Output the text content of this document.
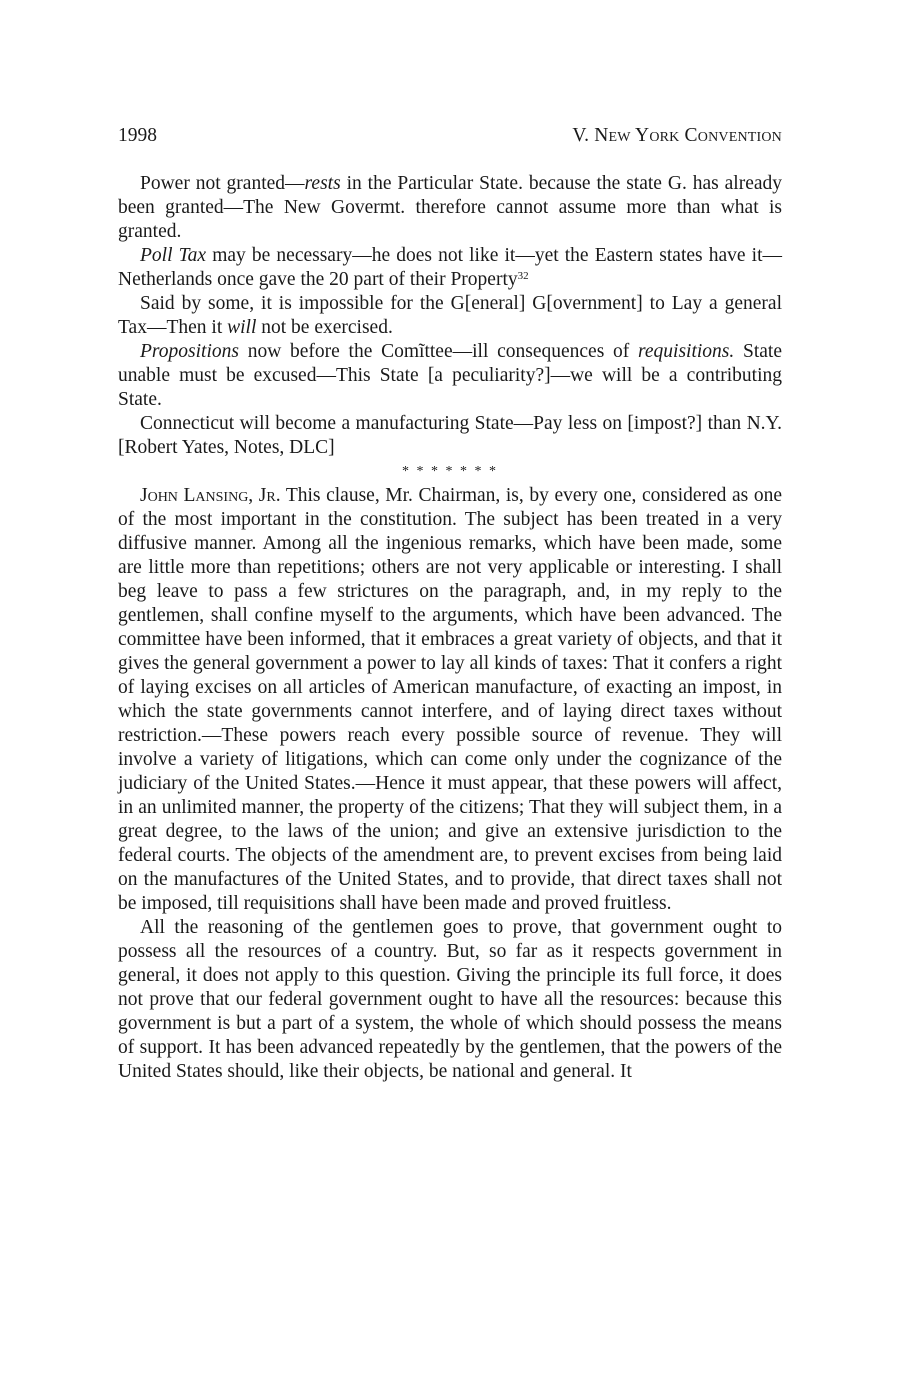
1998	V. New York Convention

Power not granted—rests in the Particular State. because the state G. has already been granted—The New Govermt. therefore cannot assume more than what is granted.

Poll Tax may be necessary—he does not like it—yet the Eastern states have it—Netherlands once gave the 20 part of their Property$^{32}$

Said by some, it is impossible for the G[eneral] G[overnment] to Lay a general Tax—Then it will not be exercised.

Propositions now before the Comĩttee—ill consequences of requisitions. State unable must be excused—This State [a peculiarity?]—we will be a contributing State.

Connecticut will become a manufacturing State—Pay less on [impost?] than N.Y. [Robert Yates, Notes, DLC]

* * * * * * *

John Lansing, Jr. This clause, Mr. Chairman, is, by every one, considered as one of the most important in the constitution. The subject has been treated in a very diffusive manner. Among all the ingenious remarks, which have been made, some are little more than repetitions; others are not very applicable or interesting. I shall beg leave to pass a few strictures on the paragraph, and, in my reply to the gentlemen, shall confine myself to the arguments, which have been advanced. The committee have been informed, that it embraces a great variety of objects, and that it gives the general government a power to lay all kinds of taxes: That it confers a right of laying excises on all articles of American manufacture, of exacting an impost, in which the state governments cannot interfere, and of laying direct taxes without restriction.—These powers reach every possible source of revenue. They will involve a variety of litigations, which can come only under the cognizance of the judiciary of the United States.—Hence it must appear, that these powers will affect, in an unlimited manner, the property of the citizens; That they will subject them, in a great degree, to the laws of the union; and give an extensive jurisdiction to the federal courts. The objects of the amendment are, to prevent excises from being laid on the manufactures of the United States, and to provide, that direct taxes shall not be imposed, till requisitions shall have been made and proved fruitless.

All the reasoning of the gentlemen goes to prove, that government ought to possess all the resources of a country. But, so far as it respects government in general, it does not apply to this question. Giving the principle its full force, it does not prove that our federal government ought to have all the resources: because this government is but a part of a system, the whole of which should possess the means of support. It has been advanced repeatedly by the gentlemen, that the powers of the United States should, like their objects, be national and general. It
